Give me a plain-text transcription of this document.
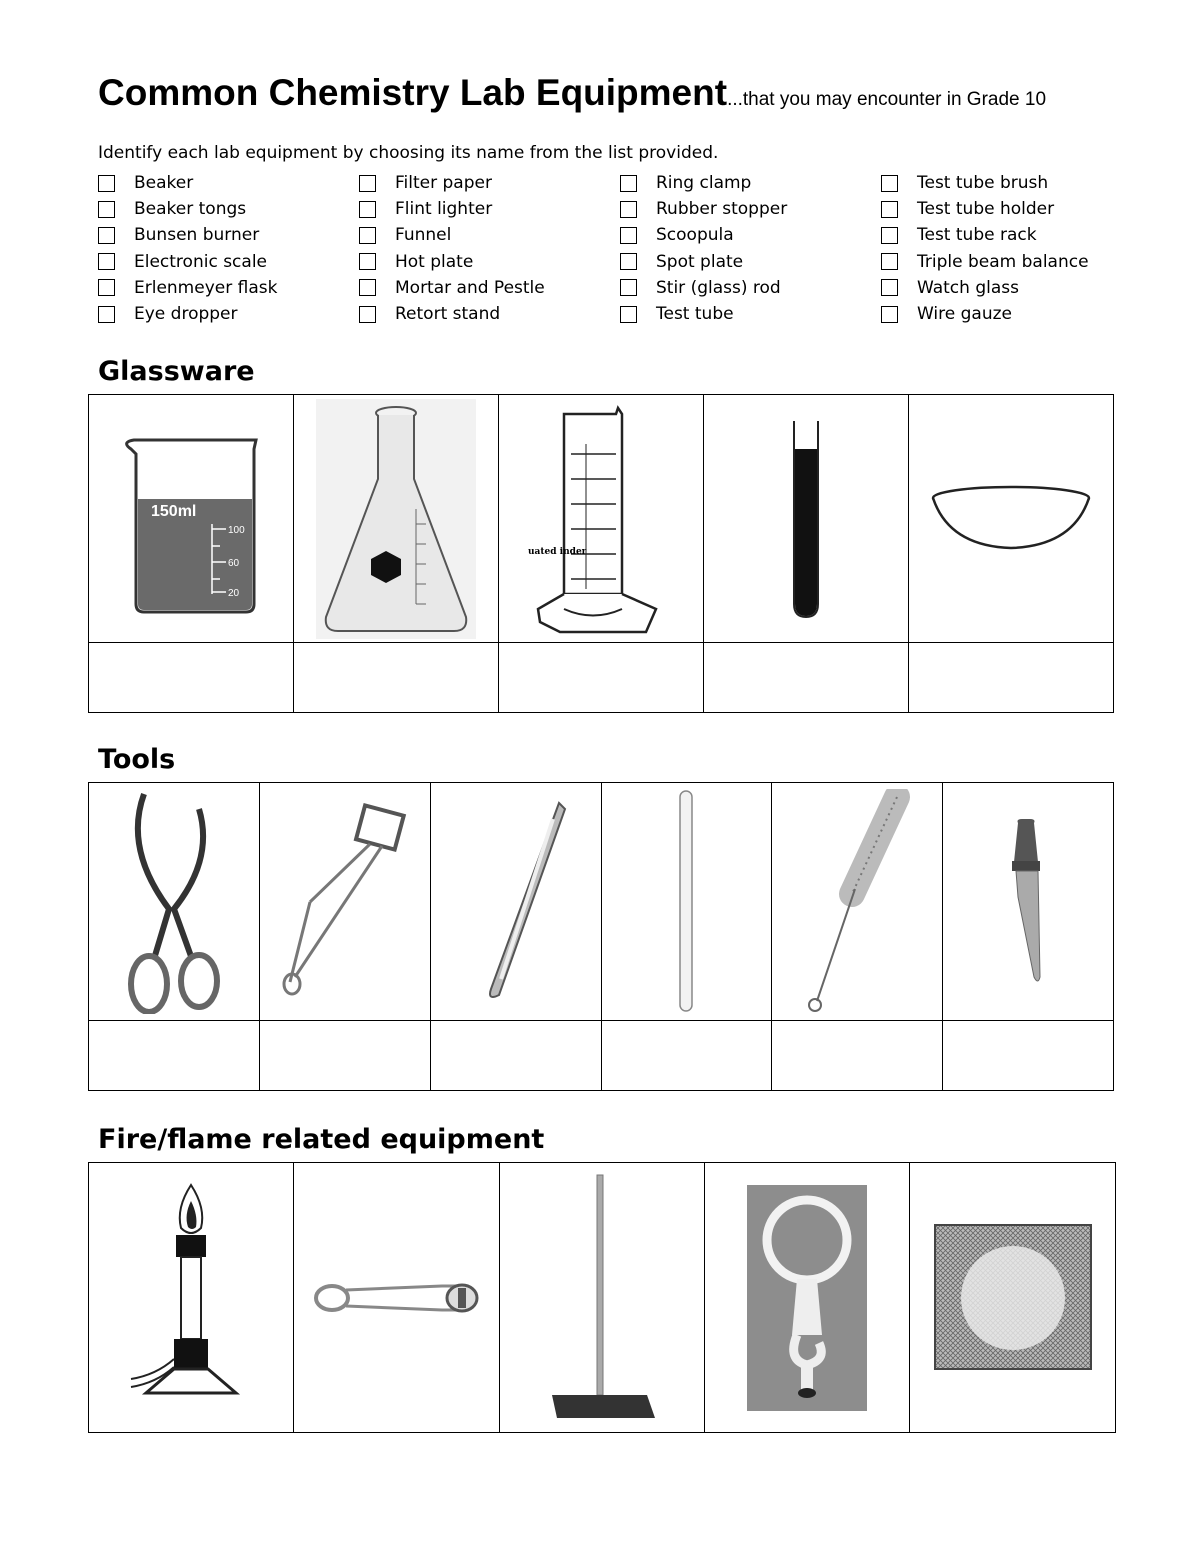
Common Chemistry Lab Equipment...that you may encounter in Grade 10
Identify each lab equipment by choosing its name from the list provided.
Beaker
Beaker tongs
Bunsen burner
Electronic scale
Erlenmeyer flask
Eye dropper
Filter paper
Flint lighter
Funnel
Hot plate
Mortar and Pestle
Retort stand
Ring clamp
Rubber stopper
Scoopula
Spot plate
Stir (glass) rod
Test tube
Test tube brush
Test tube holder
Test tube rack
Triple beam balance
Watch glass
Wire gauze
Glassware
150ml
100
60
20		uated inder

Tools

Fire/flame related equipment
